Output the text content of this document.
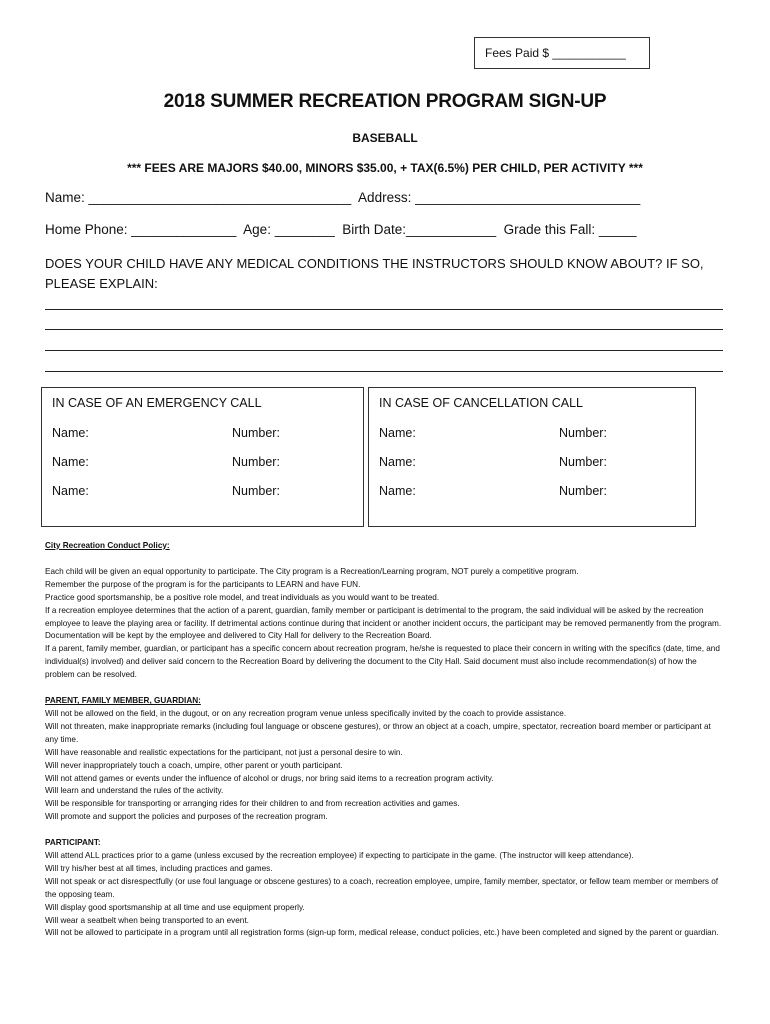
Fees Paid $ ___________
2018 SUMMER RECREATION PROGRAM SIGN-UP
BASEBALL
*** FEES ARE MAJORS $40.00, MINORS $35.00, + TAX(6.5%) PER CHILD, PER ACTIVITY ***
Name: ___________________________________  Address: ______________________________
Home Phone: ______________  Age: ________  Birth Date:____________  Grade this Fall: _____
DOES YOUR CHILD HAVE ANY MEDICAL CONDITIONS THE INSTRUCTORS SHOULD KNOW ABOUT? IF SO, PLEASE EXPLAIN:
IN CASE OF AN EMERGENCY CALL
Name:	Number:
Name:	Number:
Name:	Number:
IN CASE OF CANCELLATION CALL
Name:	Number:
Name:	Number:
Name:	Number:

City Recreation Conduct Policy:

Each child will be given an equal opportunity to participate. The City program is a Recreation/Learning program, NOT purely a competitive program.

Remember the purpose of the program is for the participants to LEARN and have FUN.

Practice good sportsmanship, be a positive role model, and treat individuals as you would want to be treated.

If a recreation employee determines that the action of a parent, guardian, family member or participant is detrimental to the program, the said individual will be asked by the recreation employee to leave the playing area or facility. If detrimental actions continue during that incident or another incident occurs, the participant may be removed permanently from the program. Documentation will be kept by the employee and delivered to City Hall for delivery to the Recreation Board.

If a parent, family member, guardian, or participant has a specific concern about recreation program, he/she is requested to place their concern in writing with the specifics (date, time, and individual(s) involved) and deliver said concern to the Recreation Board by delivering the document to the City Hall. Said document must also include recommendation(s) of how the problem can be resolved.

PARENT, FAMILY MEMBER, GUARDIAN:

Will not be allowed on the field, in the dugout, or on any recreation program venue unless specifically invited by the coach to provide assistance.

Will not threaten, make inappropriate remarks (including foul language or obscene gestures), or throw an object at a coach, umpire, spectator, recreation board member or participant at any time.

Will have reasonable and realistic expectations for the participant, not just a personal desire to win.

Will never inappropriately touch a coach, umpire, other parent or youth participant.

Will not attend games or events under the influence of alcohol or drugs, nor bring said items to a recreation program activity.

Will learn and understand the rules of the activity.

Will be responsible for transporting or arranging rides for their children to and from recreation activities and games.

Will promote and support the policies and purposes of the recreation program.

PARTICIPANT:

Will attend ALL practices prior to a game (unless excused by the recreation employee) if expecting to participate in the game. (The instructor will keep attendance).

Will try his/her best at all times, including practices and games.

Will not speak or act disrespectfully (or use foul language or obscene gestures) to a coach, recreation employee, umpire, family member, spectator, or fellow team member or members of the opposing team.

Will display good sportsmanship at all time and use equipment properly.

Will wear a seatbelt when being transported to an event.

Will not be allowed to participate in a program until all registration forms (sign-up form, medical release, conduct policies, etc.) have been completed and signed by the parent or guardian.
